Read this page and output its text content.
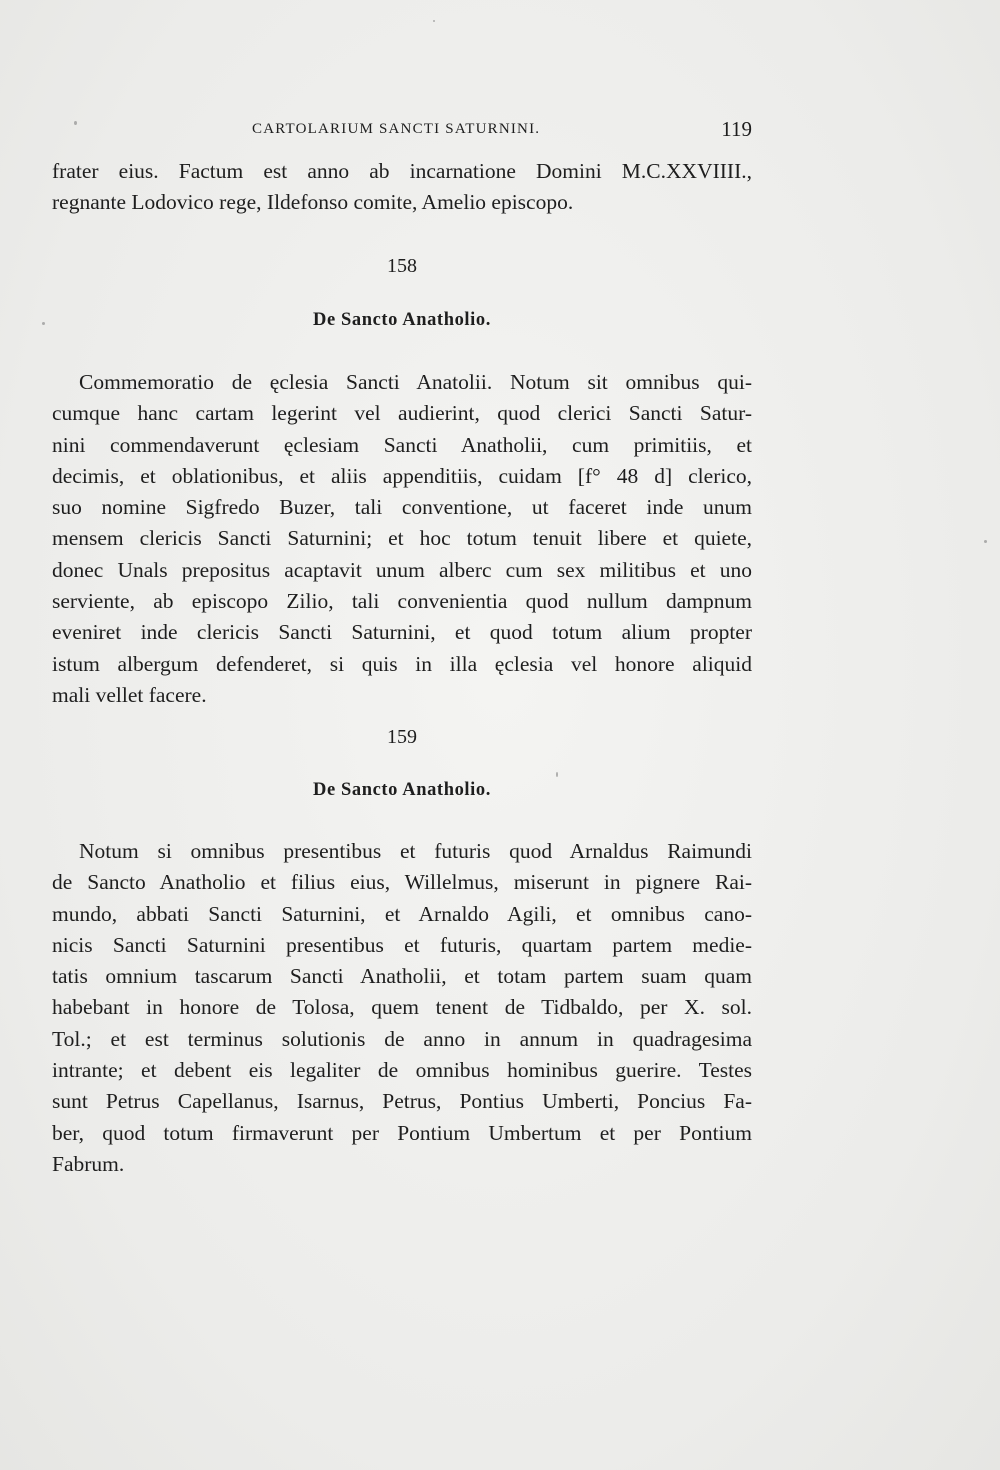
CARTOLARIUM SANCTI SATURNINI.	119
frater eius. Factum est anno ab incarnatione Domini M.C.XXVIIII.,
regnante Lodovico rege, Ildefonso comite, Amelio episcopo.
158
De Sancto Anatholio.
Commemoratio de ęclesia Sancti Anatolii. Notum sit omnibus qui-
cumque hanc cartam legerint vel audierint, quod clerici Sancti Satur-
nini commendaverunt ęclesiam Sancti Anatholii, cum primitiis, et
decimis, et oblationibus, et aliis appenditiis, cuidam [f° 48 d] clerico,
suo nomine Sigfredo Buzer, tali conventione, ut faceret inde unum
mensem clericis Sancti Saturnini; et hoc totum tenuit libere et quiete,
donec Unals prepositus acaptavit unum alberc cum sex militibus et uno
serviente, ab episcopo Zilio, tali convenientia quod nullum dampnum
eveniret inde clericis Sancti Saturnini, et quod totum alium propter
istum albergum defenderet, si quis in illa ęclesia vel honore aliquid
mali vellet facere.
159
De Sancto Anatholio.
Notum si omnibus presentibus et futuris quod Arnaldus Raimundi
de Sancto Anatholio et filius eius, Willelmus, miserunt in pignere Rai-
mundo, abbati Sancti Saturnini, et Arnaldo Agili, et omnibus cano-
nicis Sancti Saturnini presentibus et futuris, quartam partem medie-
tatis omnium tascarum Sancti Anatholii, et totam partem suam quam
habebant in honore de Tolosa, quem tenent de Tidbaldo, per X. sol.
Tol.; et est terminus solutionis de anno in annum in quadragesima
intrante; et debent eis legaliter de omnibus hominibus guerire. Testes
sunt Petrus Capellanus, Isarnus, Petrus, Pontius Umberti, Poncius Fa-
ber, quod totum firmaverunt per Pontium Umbertum et per Pontium
Fabrum.
